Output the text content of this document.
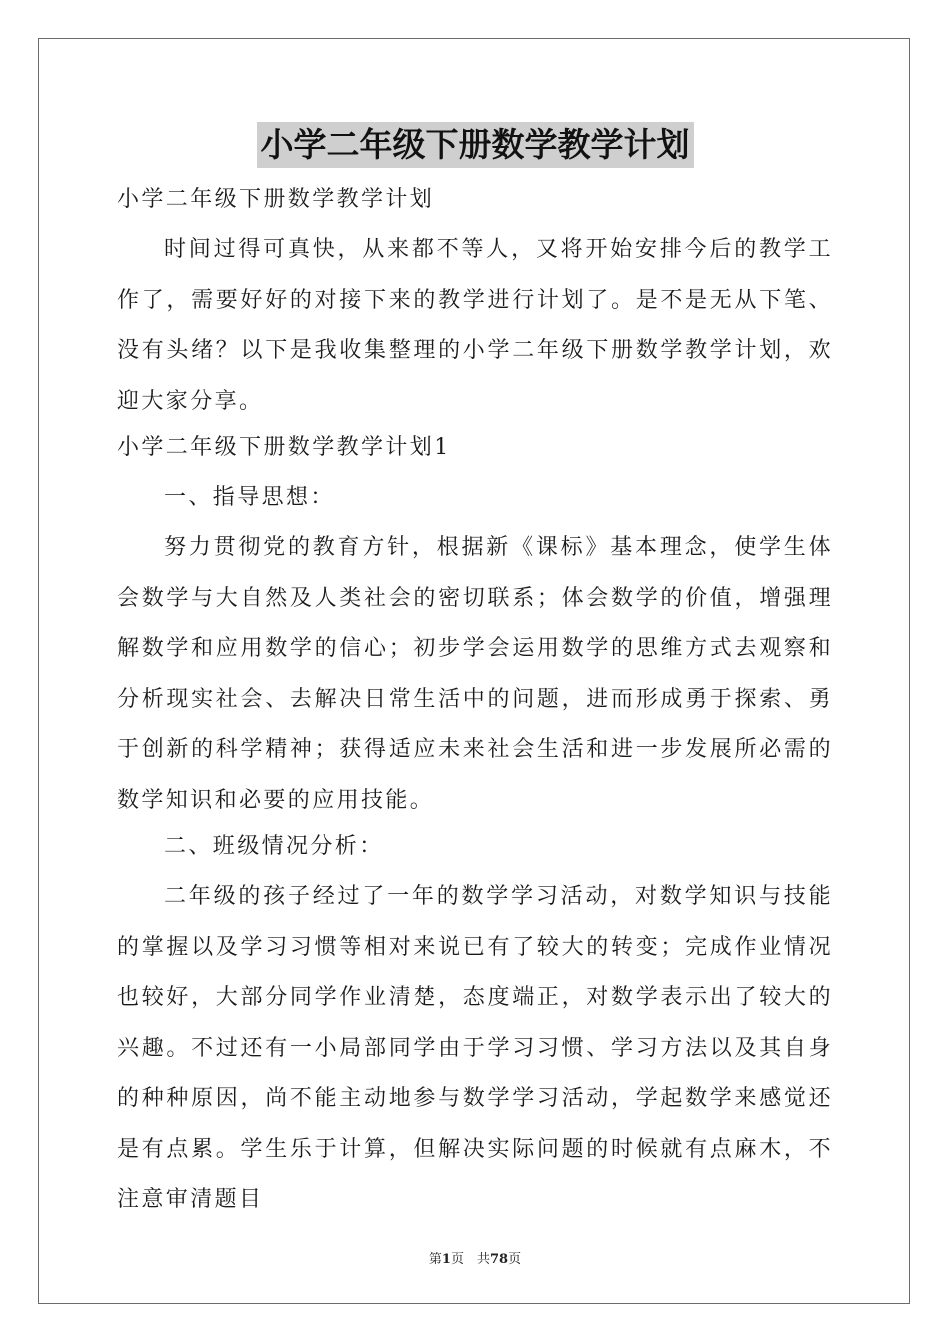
小学二年级下册数学教学计划

小学二年级下册数学教学计划

时间过得可真快，从来都不等人，又将开始安排今后的教学工作了，需要好好的对接下来的教学进行计划了。是不是无从下笔、没有头绪？以下是我收集整理的小学二年级下册数学教学计划，欢迎大家分享。

小学二年级下册数学教学计划1

一、指导思想：

努力贯彻党的教育方针，根据新《课标》基本理念，使学生体会数学与大自然及人类社会的密切联系；体会数学的价值，增强理解数学和应用数学的信心；初步学会运用数学的思维方式去观察和分析现实社会、去解决日常生活中的问题，进而形成勇于探索、勇于创新的科学精神；获得适应未来社会生活和进一步发展所必需的数学知识和必要的应用技能。

二、班级情况分析：

二年级的孩子经过了一年的数学学习活动，对数学知识与技能的掌握以及学习习惯等相对来说已有了较大的转变；完成作业情况也较好，大部分同学作业清楚，态度端正，对数学表示出了较大的兴趣。不过还有一小局部同学由于学习习惯、学习方法以及其自身的种种原因，尚不能主动地参与数学学习活动，学起数学来感觉还是有点累。学生乐于计算，但解决实际问题的时候就有点麻木，不注意审清题目

第1页　共78页
